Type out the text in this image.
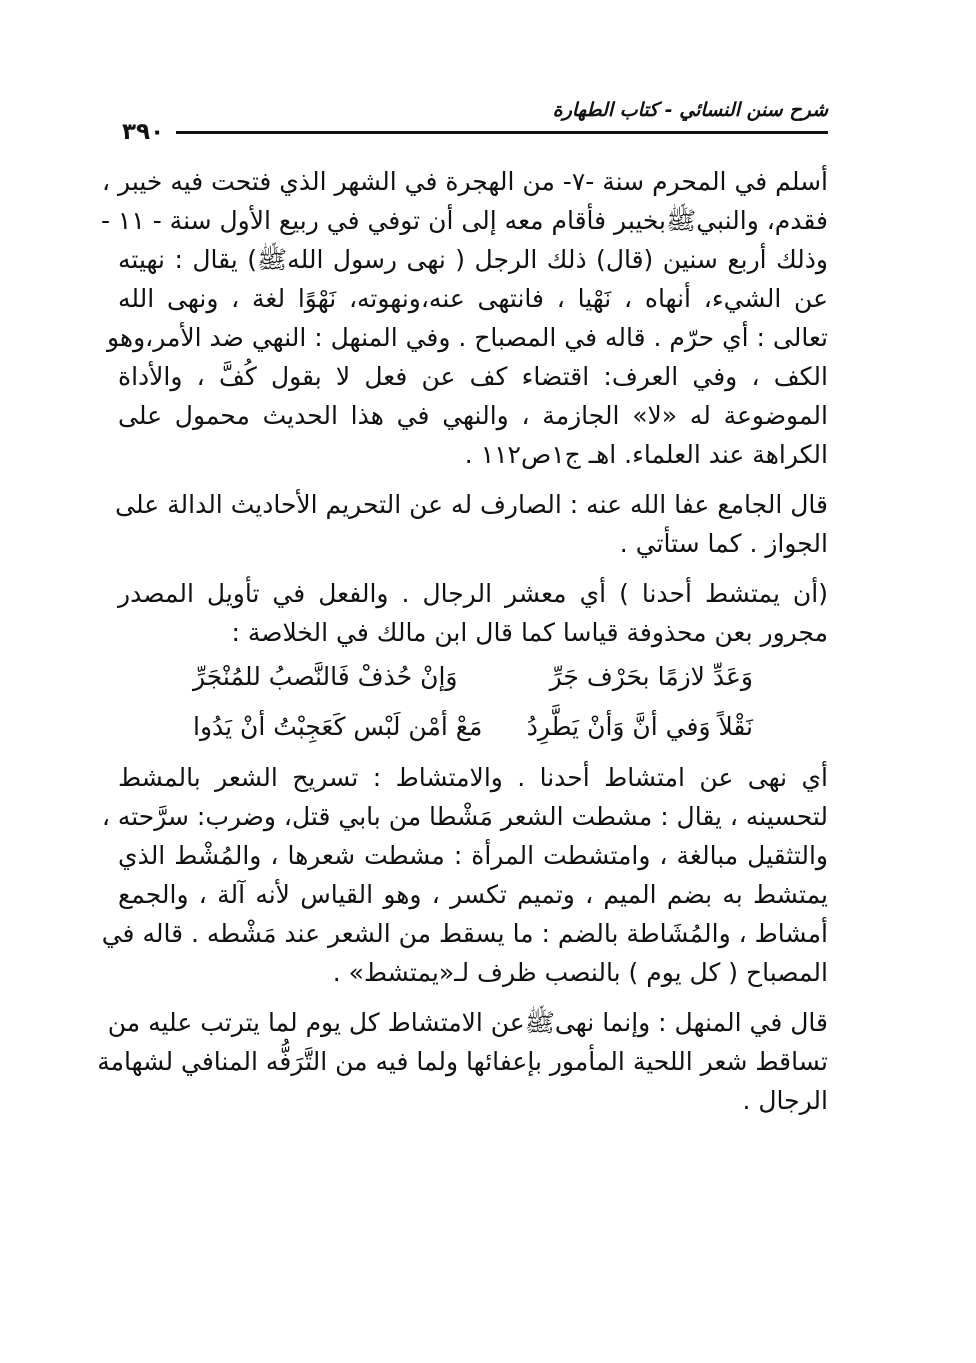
شرح سنن النسائي - كتاب الطهارة
٣٩٠

أسلم في المحرم سنة -٧- من الهجرة في الشهر الذي فتحت فيه خيبر ،
فقدم، والنبيﷺبخيبر فأقام معه إلى أن توفي في ربيع الأول سنة - ١١ -
وذلك أربع سنين (قال) ذلك الرجل ( نهى رسول اللهﷺ) يقال : نهيته
عن الشيء، أنهاه ، نَهْيا ، فانتهى عنه،ونهوته، نَهْوًا لغة ، ونهى الله
تعالى : أي حرّم . قاله في المصباح . وفي المنهل : النهي ضد الأمر،وهو
الكف ، وفي العرف: اقتضاء كف عن فعل لا بقول كُفَّ ، والأداة
الموضوعة له «لا» الجازمة ، والنهي في هذا الحديث محمول على
الكراهة عند العلماء. اهـ ج١ص١١٢ .

قال الجامع عفا الله عنه : الصارف له عن التحريم الأحاديث الدالة على
الجواز . كما ستأتي .

(أن يمتشط أحدنا ) أي معشر الرجال . والفعل في تأويل المصدر
مجرور بعن محذوفة قياسا كما قال ابن مالك في الخلاصة :

وَعَدِّ لازمًا بحَرْف جَرِّ
وَإنْ حُذفْ فَالنَّصبُ للمُنْجَرِّ
نَقْلاً وَفي أنَّ وَأنْ يَطَّرِدُ
مَعْ أمْن لَبْس كَعَجِبْتُ أنْ يَدُوا

أي نهى عن امتشاط أحدنا . والامتشاط : تسريح الشعر بالمشط
لتحسينه ، يقال : مشطت الشعر مَشْطا من بابي قتل، وضرب: سرَّحته ،
والتثقيل مبالغة ، وامتشطت المرأة : مشطت شعرها ، والمُشْط الذي
يمتشط به بضم الميم ، وتميم تكسر ، وهو القياس لأنه آلة ، والجمع
أمشاط ، والمُشَاطة بالضم : ما يسقط من الشعر عند مَشْطه . قاله في
المصباح ( كل يوم ) بالنصب ظرف لـ«يمتشط» .

قال في المنهل : وإنما نهىﷺعن الامتشاط كل يوم لما يترتب عليه من
تساقط شعر اللحية المأمور بإعفائها ولما فيه من التَّرَفُّه المنافي لشهامة
الرجال .
